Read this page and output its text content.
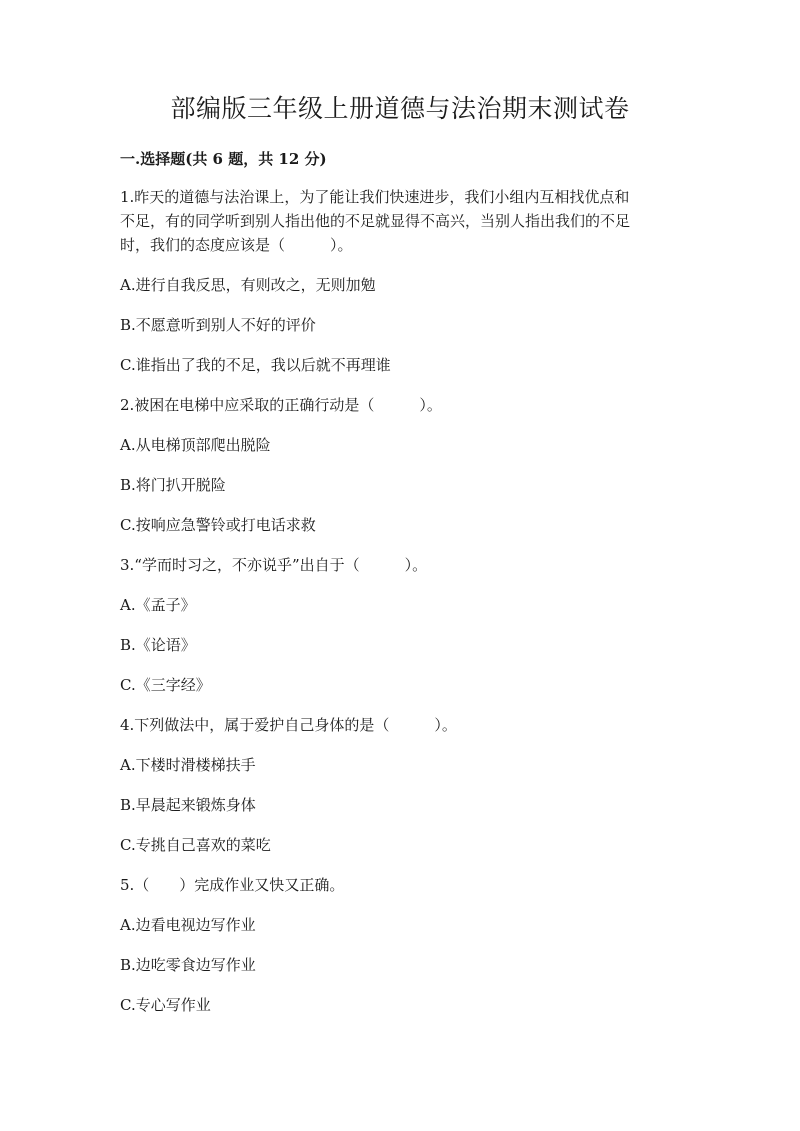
部编版三年级上册道德与法治期末测试卷
一.选择题(共 6 题，共 12 分)

1.昨天的道德与法治课上，为了能让我们快速进步，我们小组内互相找优点和

不足，有的同学听到别人指出他的不足就显得不高兴，当别人指出我们的不足

时，我们的态度应该是（　　　）。

A.进行自我反思，有则改之，无则加勉

B.不愿意听到别人不好的评价

C.谁指出了我的不足，我以后就不再理谁

2.被困在电梯中应采取的正确行动是（　　　）。

A.从电梯顶部爬出脱险

B.将门扒开脱险

C.按响应急警铃或打电话求救

3.“学而时习之，不亦说乎”出自于（　　　）。

A.《孟子》

B.《论语》

C.《三字经》

4.下列做法中，属于爱护自己身体的是（　　　）。

A.下楼时滑楼梯扶手

B.早晨起来锻炼身体

C.专挑自己喜欢的菜吃

5.（　　）完成作业又快又正确。

A.边看电视边写作业

B.边吃零食边写作业

C.专心写作业
